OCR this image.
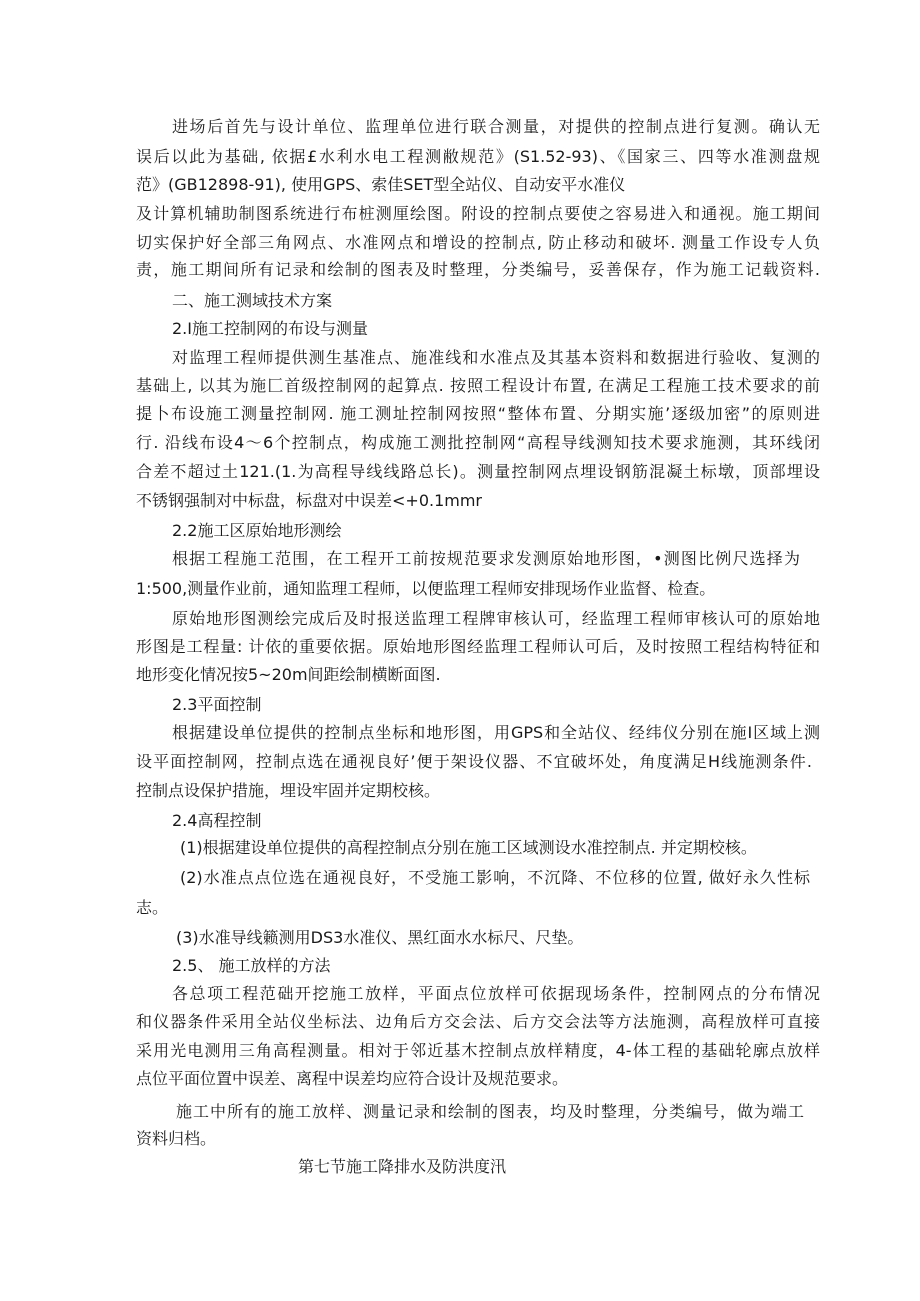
进场后首先与设计单位、监理单位进行联合测量，对提供的控制点进行复测。确认无
误后以此为基础, 依据£水利水电工程测敝规范》(S1.52-93)、《国家三、四等水准测盘规
范》(GB12898-91), 使用GPS、索佳SET型全站仪、自动安平水准仪
及计算机辅助制图系统进行布桩测厘绘图。附设的控制点要使之容易进入和通视。施工期间
切实保护好全部三角网点、水准网点和增设的控制点, 防止移动和破坏. 测量工作设专人负
责，施工期间所有记录和绘制的图表及时整理，分类编号，妥善保存，作为施工记载资料.
二、施工测域技术方案
2.I施工控制网的布设与测量
对监理工程师提供测生基准点、施准线和水准点及其基本资料和数据进行验收、复测的
基础上, 以其为施匚首级控制网的起算点. 按照工程设计布置, 在满足工程施工技术要求的前
提卜布设施工测量控制网. 施工测址控制网按照“整体布置、分期实施’逐级加密”的原则进
行. 沿线布设4〜6个控制点，构成施工测批控制网“高程导线测知技术要求施测，其环线闭
合差不超过土121.(1.为高程导线线路总长)。测量控制网点埋设钢筋混凝土标墩，顶部埋设
不锈钢强制对中标盘，标盘对中误差<+0.1mmr
2.2施工区原始地形测绘
根据工程施工范围，在工程开工前按规范要求发测原始地形图，•测图比例尺选择为
1:500,测量作业前，通知监理工程师，以便监理工程师安排现场作业监督、检查。
原始地形图测绘完成后及时报送监理工程牌审核认可，经监理工程师审核认可的原始地
形图是工程量: 计依的重要依据。原始地形图经监理工程师认可后，及时按照工程结构特征和
地形变化情况按5~20m间距绘制横断面图.
2.3平面控制
根据建设单位提供的控制点坐标和地形图，用GPS和全站仪、经纬仪分别在施I区域上测
设平面控制网，控制点选在通视良好’便于架设仪器、不宜破坏处，角度满足H线施测条件.
控制点设保护措施，埋设牢固并定期校核。
2.4高程控制
(1)根据建设单位提供的高程控制点分别在施工区域测设水准控制点. 并定期校核。
(2)水准点点位选在通视良好，不受施工影响，不沉降、不位移的位置, 做好永久性标
志。
(3)水准导线籁测用DS3水准仪、黑红面水水标尺、尺垫。
2.5、 施工放样的方法
各总项工程范础开挖施工放样，平面点位放样可依据现场条件，控制网点的分布情况
和仪器条件采用全站仪坐标法、边角后方交会法、后方交会法等方法施测，高程放样可直接
采用光电测用三角高程测量。相対于邻近基木控制点放样精度，4-体工程的基础轮廓点放样
点位平面位置中误差、离程中误差均应符合设计及规范要求。
施工中所有的施工放样、测量记录和绘制的图表，均及时整理，分类编号，做为端工
资料归档。
第七节施工降排水及防洪度汛
